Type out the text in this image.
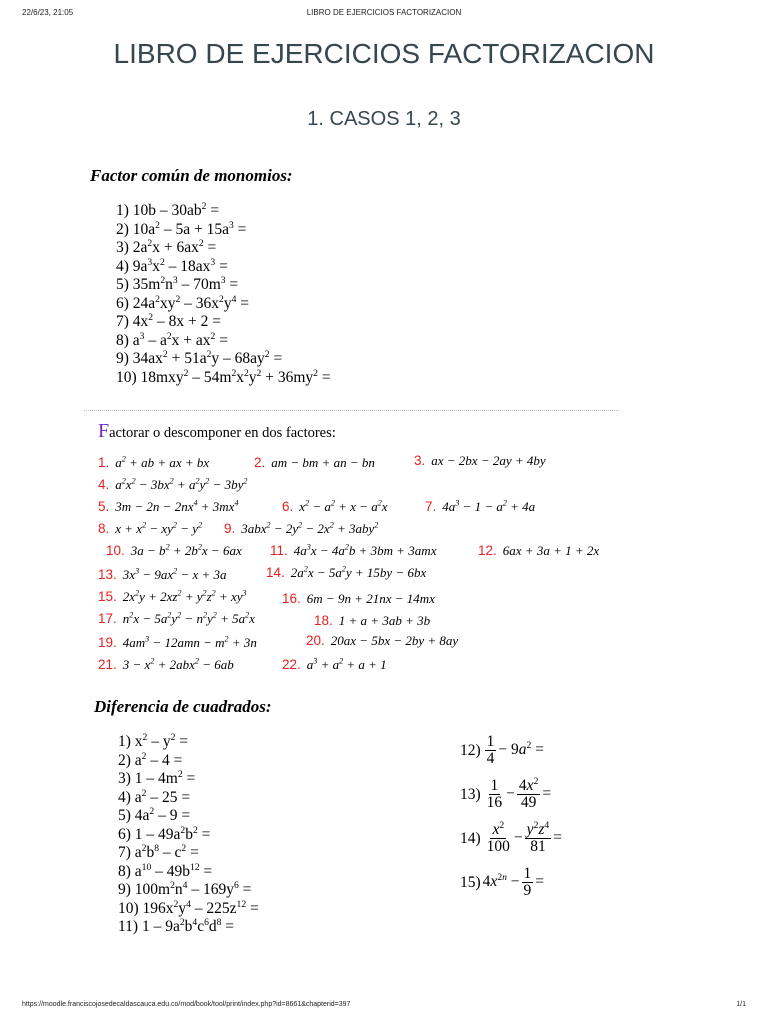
22/6/23, 21:05	LIBRO DE EJERCICIOS FACTORIZACION
LIBRO DE EJERCICIOS FACTORIZACION
1. CASOS 1, 2, 3
Factor común de monomios:
1) $10b - 30ab^2$ =
2) $10a^2 - 5a + 15a^3$ =
3) $2a^2x + 6ax^2$ =
4) $9a^3x^2 - 18ax^3$ =
5) $35m^2n^3 - 70m^3$ =
6) $24a^2xy^2 - 36x^2y^4$ =
7) $4x^2 - 8x + 2$ =
8) $a^3 - a^2x + ax^2$ =
9) $34ax^2 + 51a^2y - 68ay^2$ =
10) $18mxy^2 - 54m^2x^2y^2 + 36my^2$ =
Factorar o descomponer en dos factores:
1. $a^2$ + ab + ax + bx	2. am − bm + an − bn	3. ax − 2bx − 2ay + 4by
4. $a^2x^2 - 3bx^2 + a^2y^2 - 3by^2$
5. $3m - 2n - 2nx^4 + 3mx^4$	6. $x^2 - a^2 + x - a^2x$	7. $4a^3 - 1 - a^2 + 4a$
8. $x + x^2 - xy^2 - y^2$ 9. $3abx^2 - 2y^2 - 2x^2 + 3aby^2$
10. $3a - b^2 + 2b^2x - 6ax$ 11. $4a^3x - 4a^2b + 3bm + 3amx$	12. 6ax + 3a + 1 + 2x
13. $3x^3 - 9ax^2 - x + 3a$	14. $2a^2x - 5a^2y + 15by - 6bx$
15. $2x^2y + 2xz^2 + y^2z^2 + xy^3$	16. 6m − 9n + 21nx − 14mx
17. $n^2x - 5a^2y^2 - n^2y^2 + 5a^2x$	18. 1 + a + 3ab + 3b
19. $4am^3 - 12amn - m^2 + 3n$	20. 20ax − 5bx − 2by + 8ay
21. $3 - x^2 + 2abx^2 - 6ab$	22. $a^3 + a^2 + a + 1$
Diferencia de cuadrados:
1) $x^2 - y^2$ =
2) $a^2 - 4$ =
3) $1 - 4m^2$ =
4) $a^2 - 25$ =
5) $4a^2 - 9$ =
6) $1 - 49a^2b^2$ =
7) $a^2b^8 - c^2$ =
8) $a^{10} - 49b^{12}$ =
9) $100m^2n^4 - 169y^6$ =
10) $196x^2y^4 - 225z^{12}$ =
11) $1 - 9a^2b^4c^6d^8$ =
$12) \frac{1}{4} - 9a^2$ =
$13) \frac{1}{16} - \frac{4x^2}{49}$ =
$14) \frac{x^2}{100} - \frac{y^2z^4}{81}$ =
15) $4x^{2n} - \frac{1}{9}$ =
https://moodle.franciscojosedecaldascauca.edu.co/mod/book/tool/print/index.php?id=8661&chapterid=397	1/1
